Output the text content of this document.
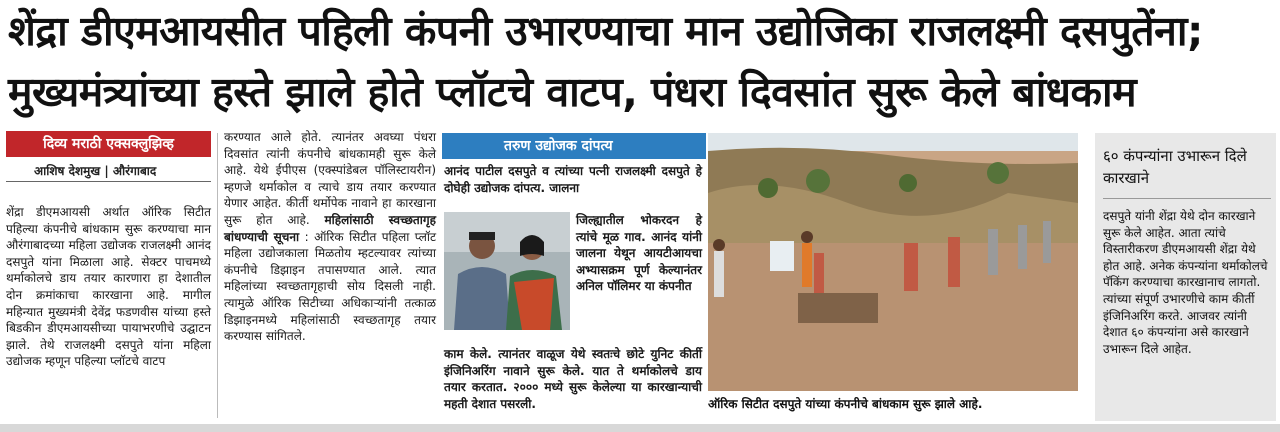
शेंद्रा डीएमआयसीत पहिली कंपनी उभारण्याचा मान उद्योजिका राजलक्ष्मी दसपुतेंना;
मुख्यमंत्र्यांच्या हस्ते झाले होते प्लॉटचे वाटप, पंधरा दिवसांत सुरू केले बांधकाम
दिव्य मराठी एक्सक्लुझिव्ह
आशिष देशमुख | औरंगाबाद
शेंद्रा डीएमआयसी अर्थात ऑरिक सिटीत पहिल्या कंपनीचे बांधकाम सुरू करण्याचा मान औरंगाबादच्या महिला उद्योजक राजलक्ष्मी आनंद दसपुते यांना मिळाला आहे. सेक्टर पाचमध्ये थर्माकोलचे डाय तयार कारणारा हा देशातील दोन क्रमांकाचा कारखाना आहे. मागील महिन्यात मुख्यमंत्री देवेंद्र फडणवीस यांच्या हस्ते बिडकीन डीएमआयसीच्या पायाभरणीचे उद्घाटन झाले. तेथे राजलक्ष्मी दसपुते यांना महिला उद्योजक म्हणून पहिल्या प्लॉटचे वाटप
करण्यात आले होते. त्यानंतर अवघ्या पंधरा दिवसांत त्यांनी कंपनीचे बांधकामही सुरू केले आहे. येथे ईपीएस (एक्स्पांडेबल पॉलिस्टायरीन) म्हणजे थर्माकोल व त्याचे डाय तयार करण्यात येणार आहेत. कीर्ती थर्मोपेक नावाने हा कारखाना सुरू होत आहे. महिलांसाठी स्वच्छतागृह बांधण्याची सूचना : ऑरिक सिटीत पहिला प्लॉट महिला उद्योजकाला मिळतोय म्हटल्यावर त्यांच्या कंपनीचे डिझाइन तपासण्यात आले. त्यात महिलांच्या स्वच्छतागृहाची सोय दिसली नाही. त्यामुळे ऑरिक सिटीच्या अधिकाऱ्यांनी तत्काळ डिझाइनमध्ये महिलांसाठी स्वच्छतागृह तयार करण्यास सांगितले.
तरुण उद्योजक दांपत्य
आनंद पाटील दसपुते व त्यांच्या पत्नी राजलक्ष्मी दसपुते हे दोघेही उद्योजक दांपत्य. जालना
जिल्ह्यातील भोकरदन हे त्यांचे मूळ गाव. आनंद यांनी जालना येथून आयटीआयचा अभ्यासक्रम पूर्ण केल्यानंतर अनिल पॉलिमर या कंपनीत
काम केले. त्यानंतर वाळूज येथे स्वतःचे छोटे युनिट कीर्ती इंजिनिअरिंग नावाने सुरू केले. यात ते थर्माकोलचे डाय तयार करतात. २००० मध्ये सुरू केलेल्या या कारखान्याची महती देशात पसरली.	ऑरिक सिटीत दसपुते यांच्या कंपनीचे बांधकाम सुरू झाले आहे.
६० कंपन्यांना उभारून दिले कारखाने
दसपुते यांनी शेंद्रा येथे दोन कारखाने सुरू केले आहेत. आता त्यांचे विस्तारीकरण डीएमआयसी शेंद्रा येथे होत आहे. अनेक कंपन्यांना थर्माकोलचे पॅकिंग करण्याचा कारखानाच लागतो. त्यांच्या संपूर्ण उभारणीचे काम कीर्ती इंजिनिअरिंग करते. आजवर त्यांनी देशात ६० कंपन्यांना असे कारखाने उभारून दिले आहेत.
